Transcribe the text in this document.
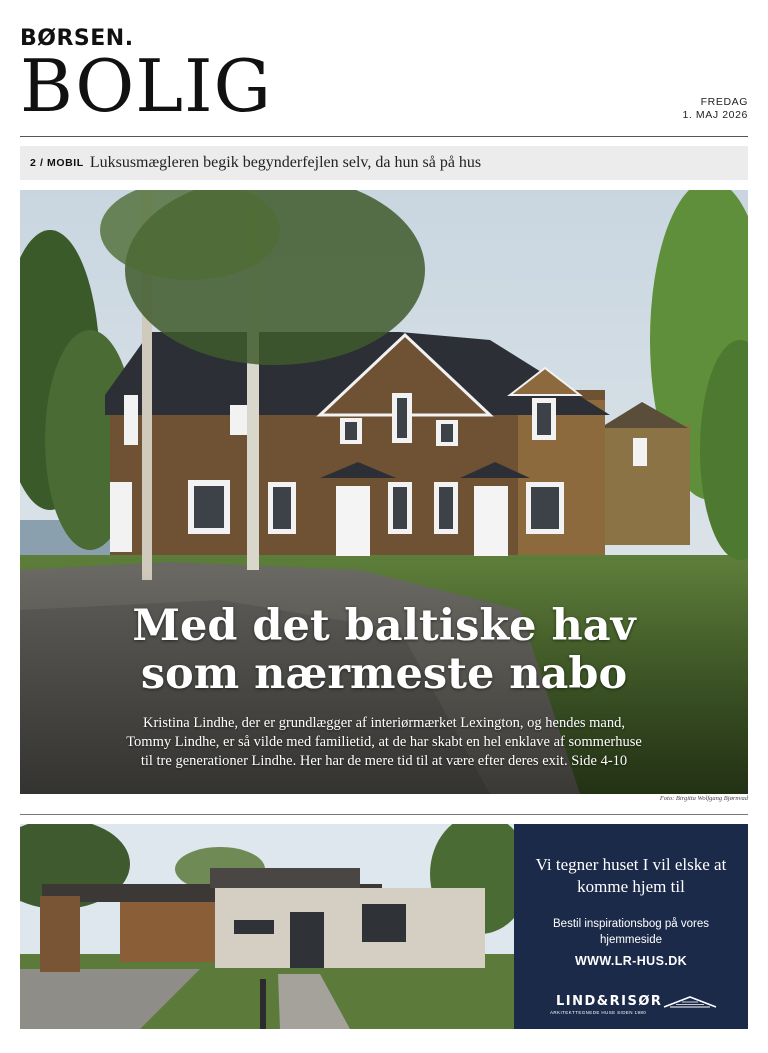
BØRSEN.
BOLIG	FREDAG
1. MAJ 2026
2 / MOBIL Luksusmægleren begik begynderfejlen selv, da hun så på hus
Med det baltiske hav
som nærmeste nabo

Kristina Lindhe, der er grundlægger af interiørmærket Lexington, og hendes mand, Tommy Lindhe, er så vilde med familietid, at de har skabt en hel enklave af sommerhuse til tre generationer Lindhe. Her har de mere tid til at være efter deres exit. Side 4-10

Foto: Birgitta Wolfgang Bjørnvad
Vi tegner huset I vil elske at komme hjem til
Bestil inspirationsbog på vores hjemmeside
WWW.LR-HUS.DK
LIND&RISØR
ARKITEKTTEGNEDE HUSE SIDEN 1980
